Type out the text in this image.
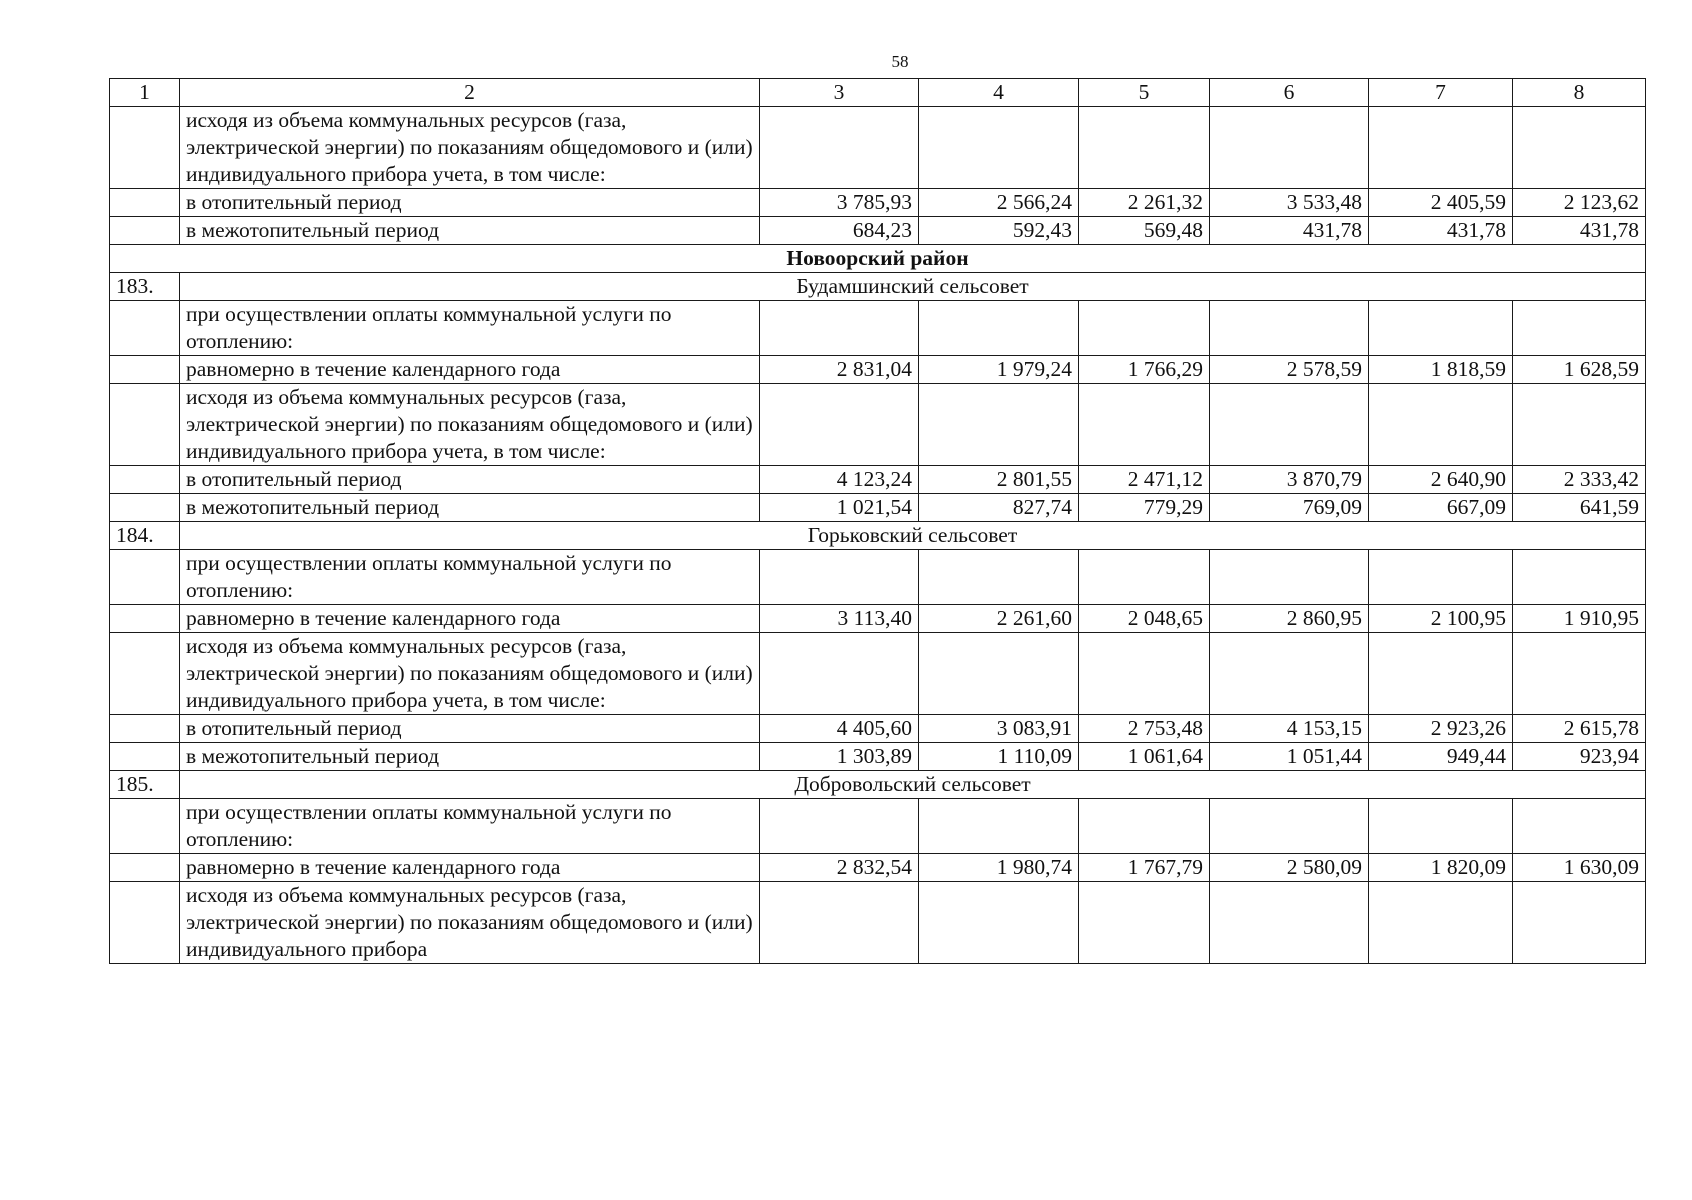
58
1	2	3	4	5	6	7	8
	исходя из объема коммунальных ресурсов (газа, электрической энергии) по показаниям общедомового и (или) индивидуального прибора учета, в том числе:						
	в отопительный период	3 785,93	2 566,24	2 261,32	3 533,48	2 405,59	2 123,62
	в межотопительный период	684,23	592,43	569,48	431,78	431,78	431,78
Новоорский район							
183.	Будамшинский сельсовет						
	при осуществлении оплаты коммунальной услуги по отоплению:						
	равномерно в течение календарного года	2 831,04	1 979,24	1 766,29	2 578,59	1 818,59	1 628,59
	исходя из объема коммунальных ресурсов (газа, электрической энергии) по показаниям общедомового и (или) индивидуального прибора учета, в том числе:						
	в отопительный период	4 123,24	2 801,55	2 471,12	3 870,79	2 640,90	2 333,42
	в межотопительный период	1 021,54	827,74	779,29	769,09	667,09	641,59
184.	Горьковский сельсовет						
	при осуществлении оплаты коммунальной услуги по отоплению:						
	равномерно в течение календарного года	3 113,40	2 261,60	2 048,65	2 860,95	2 100,95	1 910,95
	исходя из объема коммунальных ресурсов (газа, электрической энергии) по показаниям общедомового и (или) индивидуального прибора учета, в том числе:						
	в отопительный период	4 405,60	3 083,91	2 753,48	4 153,15	2 923,26	2 615,78
	в межотопительный период	1 303,89	1 110,09	1 061,64	1 051,44	949,44	923,94
185.	Добровольский сельсовет						
	при осуществлении оплаты коммунальной услуги по отоплению:						
	равномерно в течение календарного года	2 832,54	1 980,74	1 767,79	2 580,09	1 820,09	1 630,09
	исходя из объема коммунальных ресурсов (газа, электрической энергии) по показаниям общедомового и (или) индивидуального прибора						
